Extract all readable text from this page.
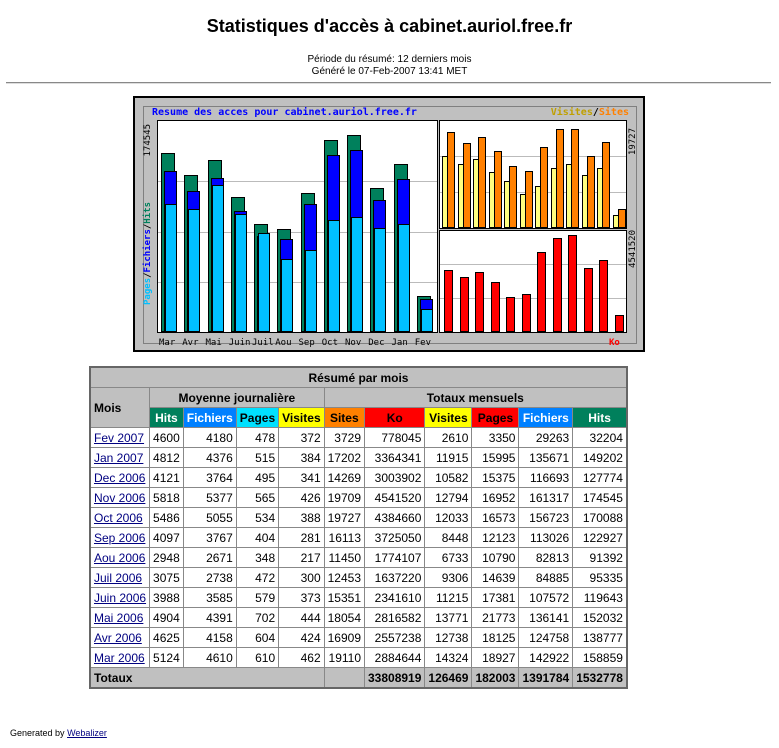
Statistiques d'accès à cabinet.auriol.free.fr
Période du résumé: 12 derniers mois
Généré le 07-Feb-2007 13:41 MET
Resume des acces pour cabinet.auriol.free.fr	Visites/Sites
174545
Pages/Fichiers/Hits
19727
4541520
Ko
Mar Avr Mai Juin Juil Aou Sep Oct Nov Dec Jan Fev
Résumé par mois										
Mois	Moyenne journalière				Totaux mensuels					
	Hits	Fichiers	Pages	Visites	Sites	Ko	Visites	Pages	Fichiers	Hits
Fev 2007	4600	4180	478	372	3729	778045	2610	3350	29263	32204
Jan 2007	4812	4376	515	384	17202	3364341	11915	15995	135671	149202
Dec 2006	4121	3764	495	341	14269	3003902	10582	15375	116693	127774
Nov 2006	5818	5377	565	426	19709	4541520	12794	16952	161317	174545
Oct 2006	5486	5055	534	388	19727	4384660	12033	16573	156723	170088
Sep 2006	4097	3767	404	281	16113	3725050	8448	12123	113026	122927
Aou 2006	2948	2671	348	217	11450	1774107	6733	10790	82813	91392
Juil 2006	3075	2738	472	300	12453	1637220	9306	14639	84885	95335
Juin 2006	3988	3585	579	373	15351	2341610	11215	17381	107572	119643
Mai 2006	4904	4391	702	444	18054	2816582	13771	21773	136141	152032
Avr 2006	4625	4158	604	424	16909	2557238	12738	18125	124758	138777
Mar 2006	5124	4610	610	462	19110	2884644	14324	18927	142922	158859
Totaux						33808919	126469	182003	1391784	1532778
Generated by Webalizer
